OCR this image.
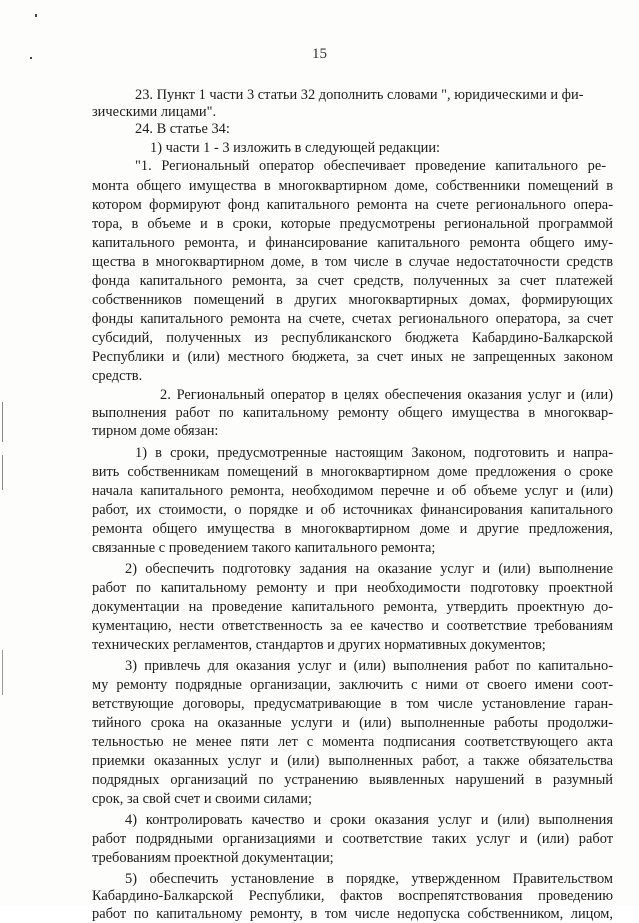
15
23. Пункт 1 части 3 статьи 32 дополнить словами ", юридическими и фи-
зическими лицами".
24. В статье 34:
1) части 1 - 3 изложить в следующей редакции:
"1. Региональный оператор обеспечивает проведение капитального ре-
монта общего имущества в многоквартирном доме, собственники помещений в
котором формируют фонд капитального ремонта на счете регионального опера-
тора, в объеме и в сроки, которые предусмотрены региональной программой
капитального ремонта, и финансирование капитального ремонта общего иму-
щества в многоквартирном доме, в том числе в случае недостаточности средств
фонда капитального ремонта, за счет средств, полученных за счет платежей
собственников помещений в других многоквартирных домах, формирующих
фонды капитального ремонта на счете, счетах регионального оператора, за счет
субсидий, полученных из республиканского бюджета Кабардино-Балкарской
Республики и (или) местного бюджета, за счет иных не запрещенных законом
средств.
2. Региональный оператор в целях обеспечения оказания услуг и (или)
выполнения работ по капитальному ремонту общего имущества в многоквар-
тирном доме обязан:
1) в сроки, предусмотренные настоящим Законом, подготовить и напра-
вить собственникам помещений в многоквартирном доме предложения о сроке
начала капитального ремонта, необходимом перечне и об объеме услуг и (или)
работ, их стоимости, о порядке и об источниках финансирования капитального
ремонта общего имущества в многоквартирном доме и другие предложения,
связанные с проведением такого капитального ремонта;
2) обеспечить подготовку задания на оказание услуг и (или) выполнение
работ по капитальному ремонту и при необходимости подготовку проектной
документации на проведение капитального ремонта, утвердить проектную до-
кументацию, нести ответственность за ее качество и соответствие требованиям
технических регламентов, стандартов и других нормативных документов;
3) привлечь для оказания услуг и (или) выполнения работ по капитально-
му ремонту подрядные организации, заключить с ними от своего имени соот-
ветствующие договоры, предусматривающие в том числе установление гаран-
тийного срока на оказанные услуги и (или) выполненные работы продолжи-
тельностью не менее пяти лет с момента подписания соответствующего акта
приемки оказанных услуг и (или) выполненных работ, а также обязательства
подрядных организаций по устранению выявленных нарушений в разумный
срок, за свой счет и своими силами;
4) контролировать качество и сроки оказания услуг и (или) выполнения
работ подрядными организациями и соответствие таких услуг и (или) работ
требованиям проектной документации;
5) обеспечить установление в порядке, утвержденном Правительством
Кабардино-Балкарской Республики, фактов воспрепятствования проведению
работ по капитальному ремонту, в том числе недопуска собственником, лицом,
